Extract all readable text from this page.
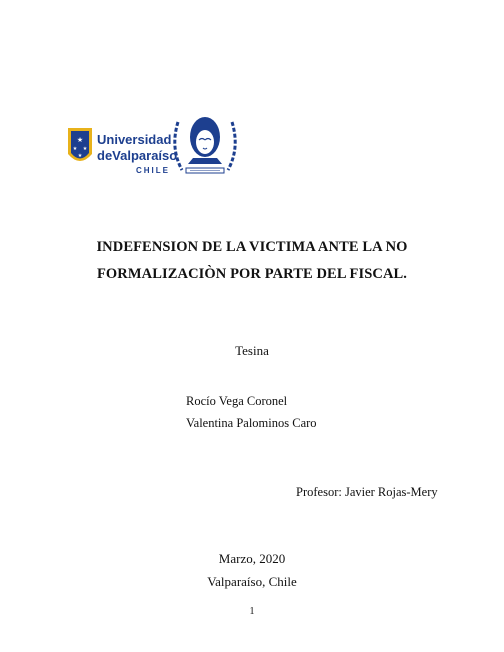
★
★ ★
★
Universidad
deValparaíso
CHILE
INDEFENSION DE LA VICTIMA ANTE LA NO
FORMALIZACIÒN POR PARTE DEL FISCAL.
Tesina
Rocío Vega Coronel
Valentina Palominos Caro
Profesor: Javier Rojas-Mery
Marzo, 2020
Valparaíso, Chile
1
